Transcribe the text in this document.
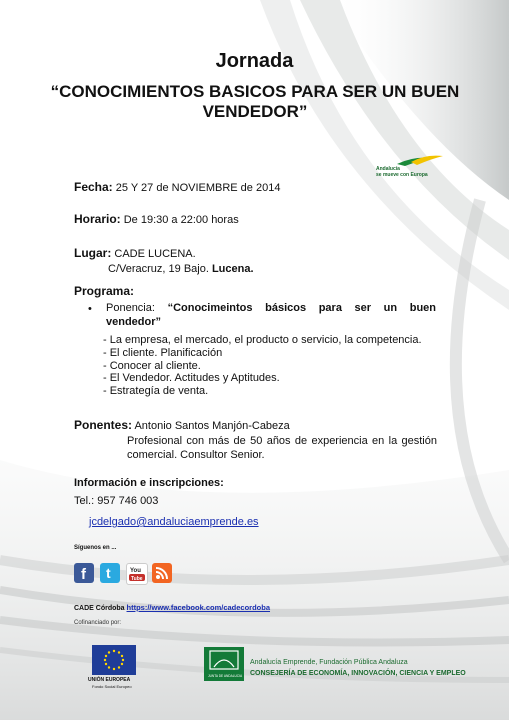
Jornada
“CONOCIMIENTOS BASICOS PARA SER UN BUEN VENDEDOR”
Andalucía
se mueve con Europa
Fecha: 25 Y 27 de NOVIEMBRE de 2014
Horario: De 19:30 a 22:00 horas
Lugar: CADE LUCENA.
C/Veracruz, 19 Bajo. Lucena.
Programa:
• Ponencia: “Conocimeintos básicos para ser un buen vendedor”
- La empresa, el mercado, el producto o servicio, la competencia.
- El cliente. Planificación
- Conocer al cliente.
- El Vendedor. Actitudes y Aptitudes.
- Estrategía de venta.
Ponentes: Antonio Santos Manjón-Cabeza
Profesional con más de 50 años de experiencia en la gestión comercial. Consultor Senior.
Información e inscripciones:
Tel.: 957 746 003
jcdelgado@andaluciaemprende.es
Síguenos en ...
f t	You
Tube
CADE Córdoba https://www.facebook.com/cadecordoba
Cofinanciado por:
UNIÓN EUROPEA
Fondo Social Europeo
JUNTA DE ANDALUCIA
Andalucía Emprende, Fundación Pública Andaluza
CONSEJERÍA DE ECONOMÍA, INNOVACIÓN, CIENCIA Y EMPLEO
